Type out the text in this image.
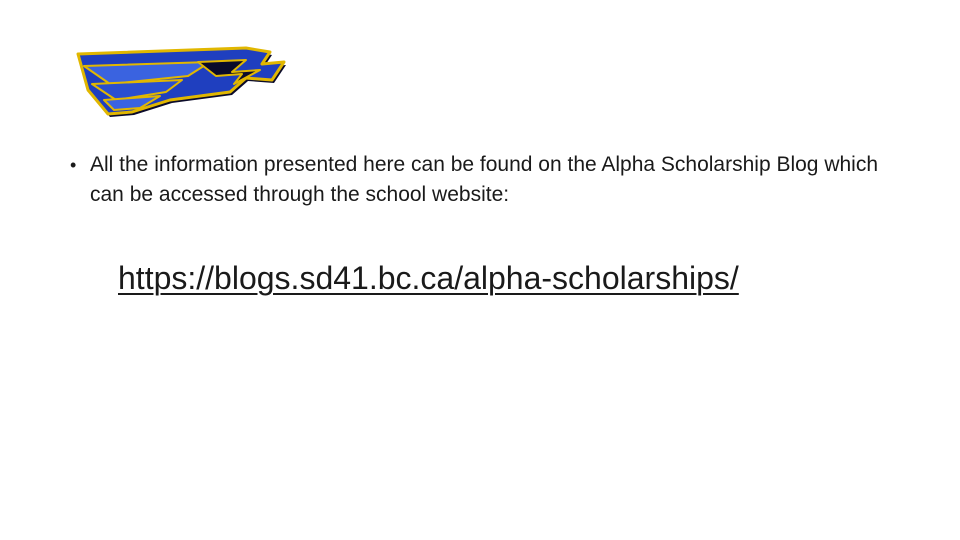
• All the information presented here can be found on the Alpha Scholarship Blog which can be accessed through the school website:
https://blogs.sd41.bc.ca/alpha-scholarships/
